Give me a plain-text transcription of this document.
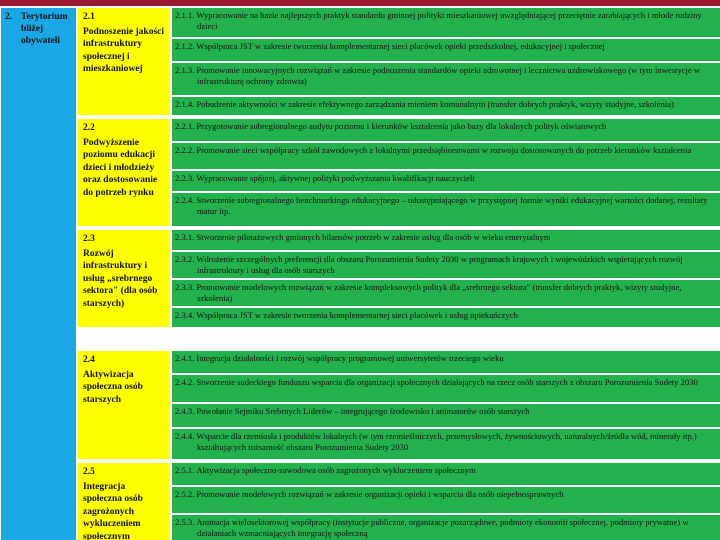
2. Terytorium bliżej obywateli
2.1
Podnoszenie jakości infrastruktury społecznej i mieszkaniowej
2.1.1. Wypracowanie na bazie najlepszych praktyk standardu gminnej polityki mieszkaniowej uwzględniającej przeciętnie zarabiających i młode rodziny
dzieci
2.1.2. Współpraca JST w zakresie tworzenia komplementarnej sieci placówek opieki przedszkolnej, edukacyjnej i społecznej
2.1.3. Promowanie innowacyjnych rozwiązań w zakresie podnoszenia standardów opieki zdrowotnej i lecznictwa uzdrowiskowego (w tym inwestycje w
infrastrukturę ochrony zdrowia)
2.1.4. Pobudzenie aktywności w zakresie efektywnego zarządzania mieniem komunalnym (transfer dobrych praktyk, wizyty studyjne, szkolenia)
2.2
Podwyższenie poziomu edukacji dzieci i młodzieży oraz dostosowanie do potrzeb rynku
2.2.1. Przygotowanie subregionalnego audytu poziomu i kierunków kształcenia jako bazy dla lokalnych polityk oświatowych
2.2.2. Promowanie sieci współpracy szkół zawodowych z lokalnymi przedsiębiorstwami w rozwoju dostosowanych do potrzeb kierunków kształcenia
2.2.3. Wypracowanie spójnej, aktywnej polityki podwyższania kwalifikacji nauczycieli
2.2.4. Stworzenie subregionalnego benchmarkingu edukacyjnego – udostępniającego w przystępnej formie wyniki edukacyjnej wartości dodanej, rezultaty
matur itp.
2.3
Rozwój infrastruktury i usług „srebrnego sektora" (dla osób starszych)
2.3.1. Stworzenie pilotażowych gminnych bilansów potrzeb w zakresie usług dla osób w wieku emerytalnym
2.3.2. Wdrożenie szczególnych preferencji dla obszaru Porozumienia Sudety 2030 w programach krajowych i wojewódzkich wspierających rozwój
infrastruktury i usług dla osób starszych
2.3.3. Promowanie modelowych rozwiązań w zakresie kompleksowych polityk dla „srebrnego sektora" (transfer dobrych praktyk, wizyty studyjne,
szkolenia)
2.3.4. Współpraca JST w zakresie tworzenia komplementarnej sieci placówek i usług opiekuńczych
2.4
Aktywizacja społeczna osób starszych
2.4.1. Integracja działalności i rozwój współpracy programowej uniwersytetów trzeciego wieku
2.4.2. Stworzenie sudeckiego funduszu wsparcia dla organizacji społecznych działających na rzecz osób starszych z obszaru Porozumienia Sudety 2030
2.4.3. Powołanie Sejmiku Srebrnych Liderów – integrującego środowisko i animatorów osób starszych
2.4.4. Wsparcie dla rzemiosła i produktów lokalnych (w tym rzemieślniczych, przemysłowych, żywnościowych, naturalnych/źródła wód, minerały itp.)
kształtujących tożsamość obszaru Porozumienia Sudety 2030
2.5
Integracja społeczna osób zagrożonych wykluczeniem społecznym
2.5.1. Aktywizacja społeczno-zawodowa osób zagrożonych wykluczeniem społecznym
2.5.2. Promowanie modelowych rozwiązań w zakresie organizacji opieki i wsparcia dla osób niepełnosprawnych
2.5.3. Animacja wielosektorowej współpracy (instytucje publiczne, organizacje pozarządowe, podmioty ekonomii społecznej, podmioty prywatne) w
działaniach wzmacniających integrację społeczną
